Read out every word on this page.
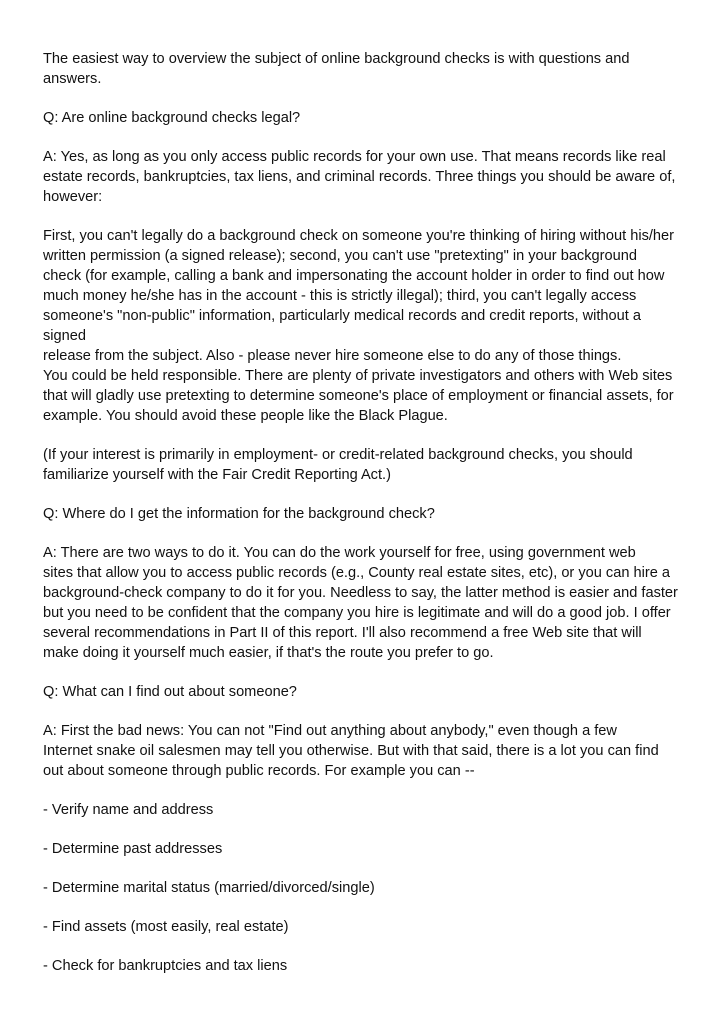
The easiest way to overview the subject of online background checks is with questions and
answers.

Q: Are online background checks legal?

A: Yes, as long as you only access public records for your own use. That means records like real
estate records, bankruptcies, tax liens, and criminal records. Three things you should be aware of,
however:

First, you can't legally do a background check on someone you're thinking of hiring without his/her
written permission (a signed release); second, you can't use "pretexting" in your background
check (for example, calling a bank and impersonating the account holder in order to find out how
much money he/she has in the account - this is strictly illegal); third, you can't legally access
someone's "non-public" information, particularly medical records and credit reports, without a
signed
release from the subject. Also - please never hire someone else to do any of those things.
You could be held responsible. There are plenty of private investigators and others with Web sites
that will gladly use pretexting to determine someone's place of employment or financial assets, for
example. You should avoid these people like the Black Plague.

(If your interest is primarily in employment- or credit-related background checks, you should
familiarize yourself with the Fair Credit Reporting Act.)

Q: Where do I get the information for the background check?

A: There are two ways to do it. You can do the work yourself for free, using government web
sites that allow you to access public records (e.g., County real estate sites, etc), or you can hire a
background-check company to do it for you. Needless to say, the latter method is easier and faster
but you need to be confident that the company you hire is legitimate and will do a good job. I offer
several recommendations in Part II of this report. I'll also recommend a free Web site that will
make doing it yourself much easier, if that's the route you prefer to go.

Q: What can I find out about someone?

A: First the bad news: You can not "Find out anything about anybody," even though a few
Internet snake oil salesmen may tell you otherwise. But with that said, there is a lot you can find
out about someone through public records. For example you can --

- Verify name and address

- Determine past addresses

- Determine marital status (married/divorced/single)

- Find assets (most easily, real estate)

- Check for bankruptcies and tax liens
